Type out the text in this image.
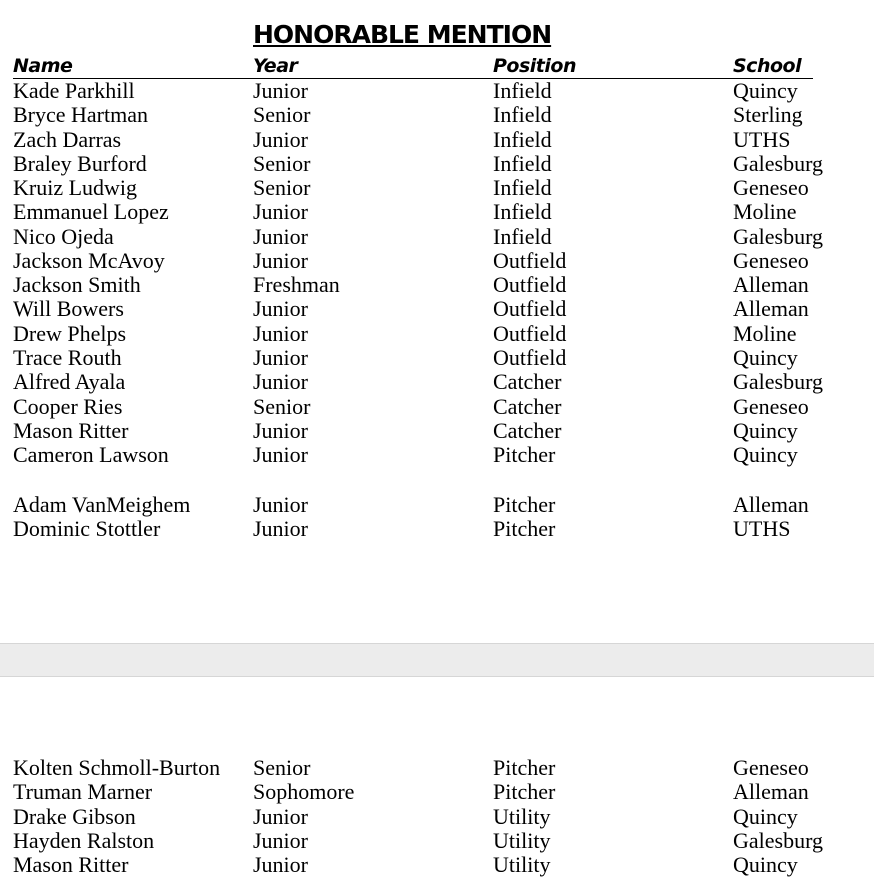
HONORABLE MENTION
Name	Year	Position	School
Kade Parkhill	Junior	Infield	Quincy
Bryce Hartman	Senior	Infield	Sterling
Zach Darras	Junior	Infield	UTHS
Braley Burford	Senior	Infield	Galesburg
Kruiz Ludwig	Senior	Infield	Geneseo
Emmanuel Lopez	Junior	Infield	Moline
Nico Ojeda	Junior	Infield	Galesburg
Jackson McAvoy	Junior	Outfield	Geneseo
Jackson Smith	Freshman	Outfield	Alleman
Will Bowers	Junior	Outfield	Alleman
Drew Phelps	Junior	Outfield	Moline
Trace Routh	Junior	Outfield	Quincy
Alfred Ayala	Junior	Catcher	Galesburg
Cooper Ries	Senior	Catcher	Geneseo
Mason Ritter	Junior	Catcher	Quincy
Cameron Lawson	Junior	Pitcher	Quincy
Adam VanMeighem	Junior	Pitcher	Alleman
Dominic Stottler	Junior	Pitcher	UTHS
Kolten Schmoll-Burton Senior	Pitcher	Geneseo
Truman Marner	Sophomore	Pitcher	Alleman
Drake Gibson	Junior	Utility	Quincy
Hayden Ralston	Junior	Utility	Galesburg
Mason Ritter	Junior	Utility	Quincy
